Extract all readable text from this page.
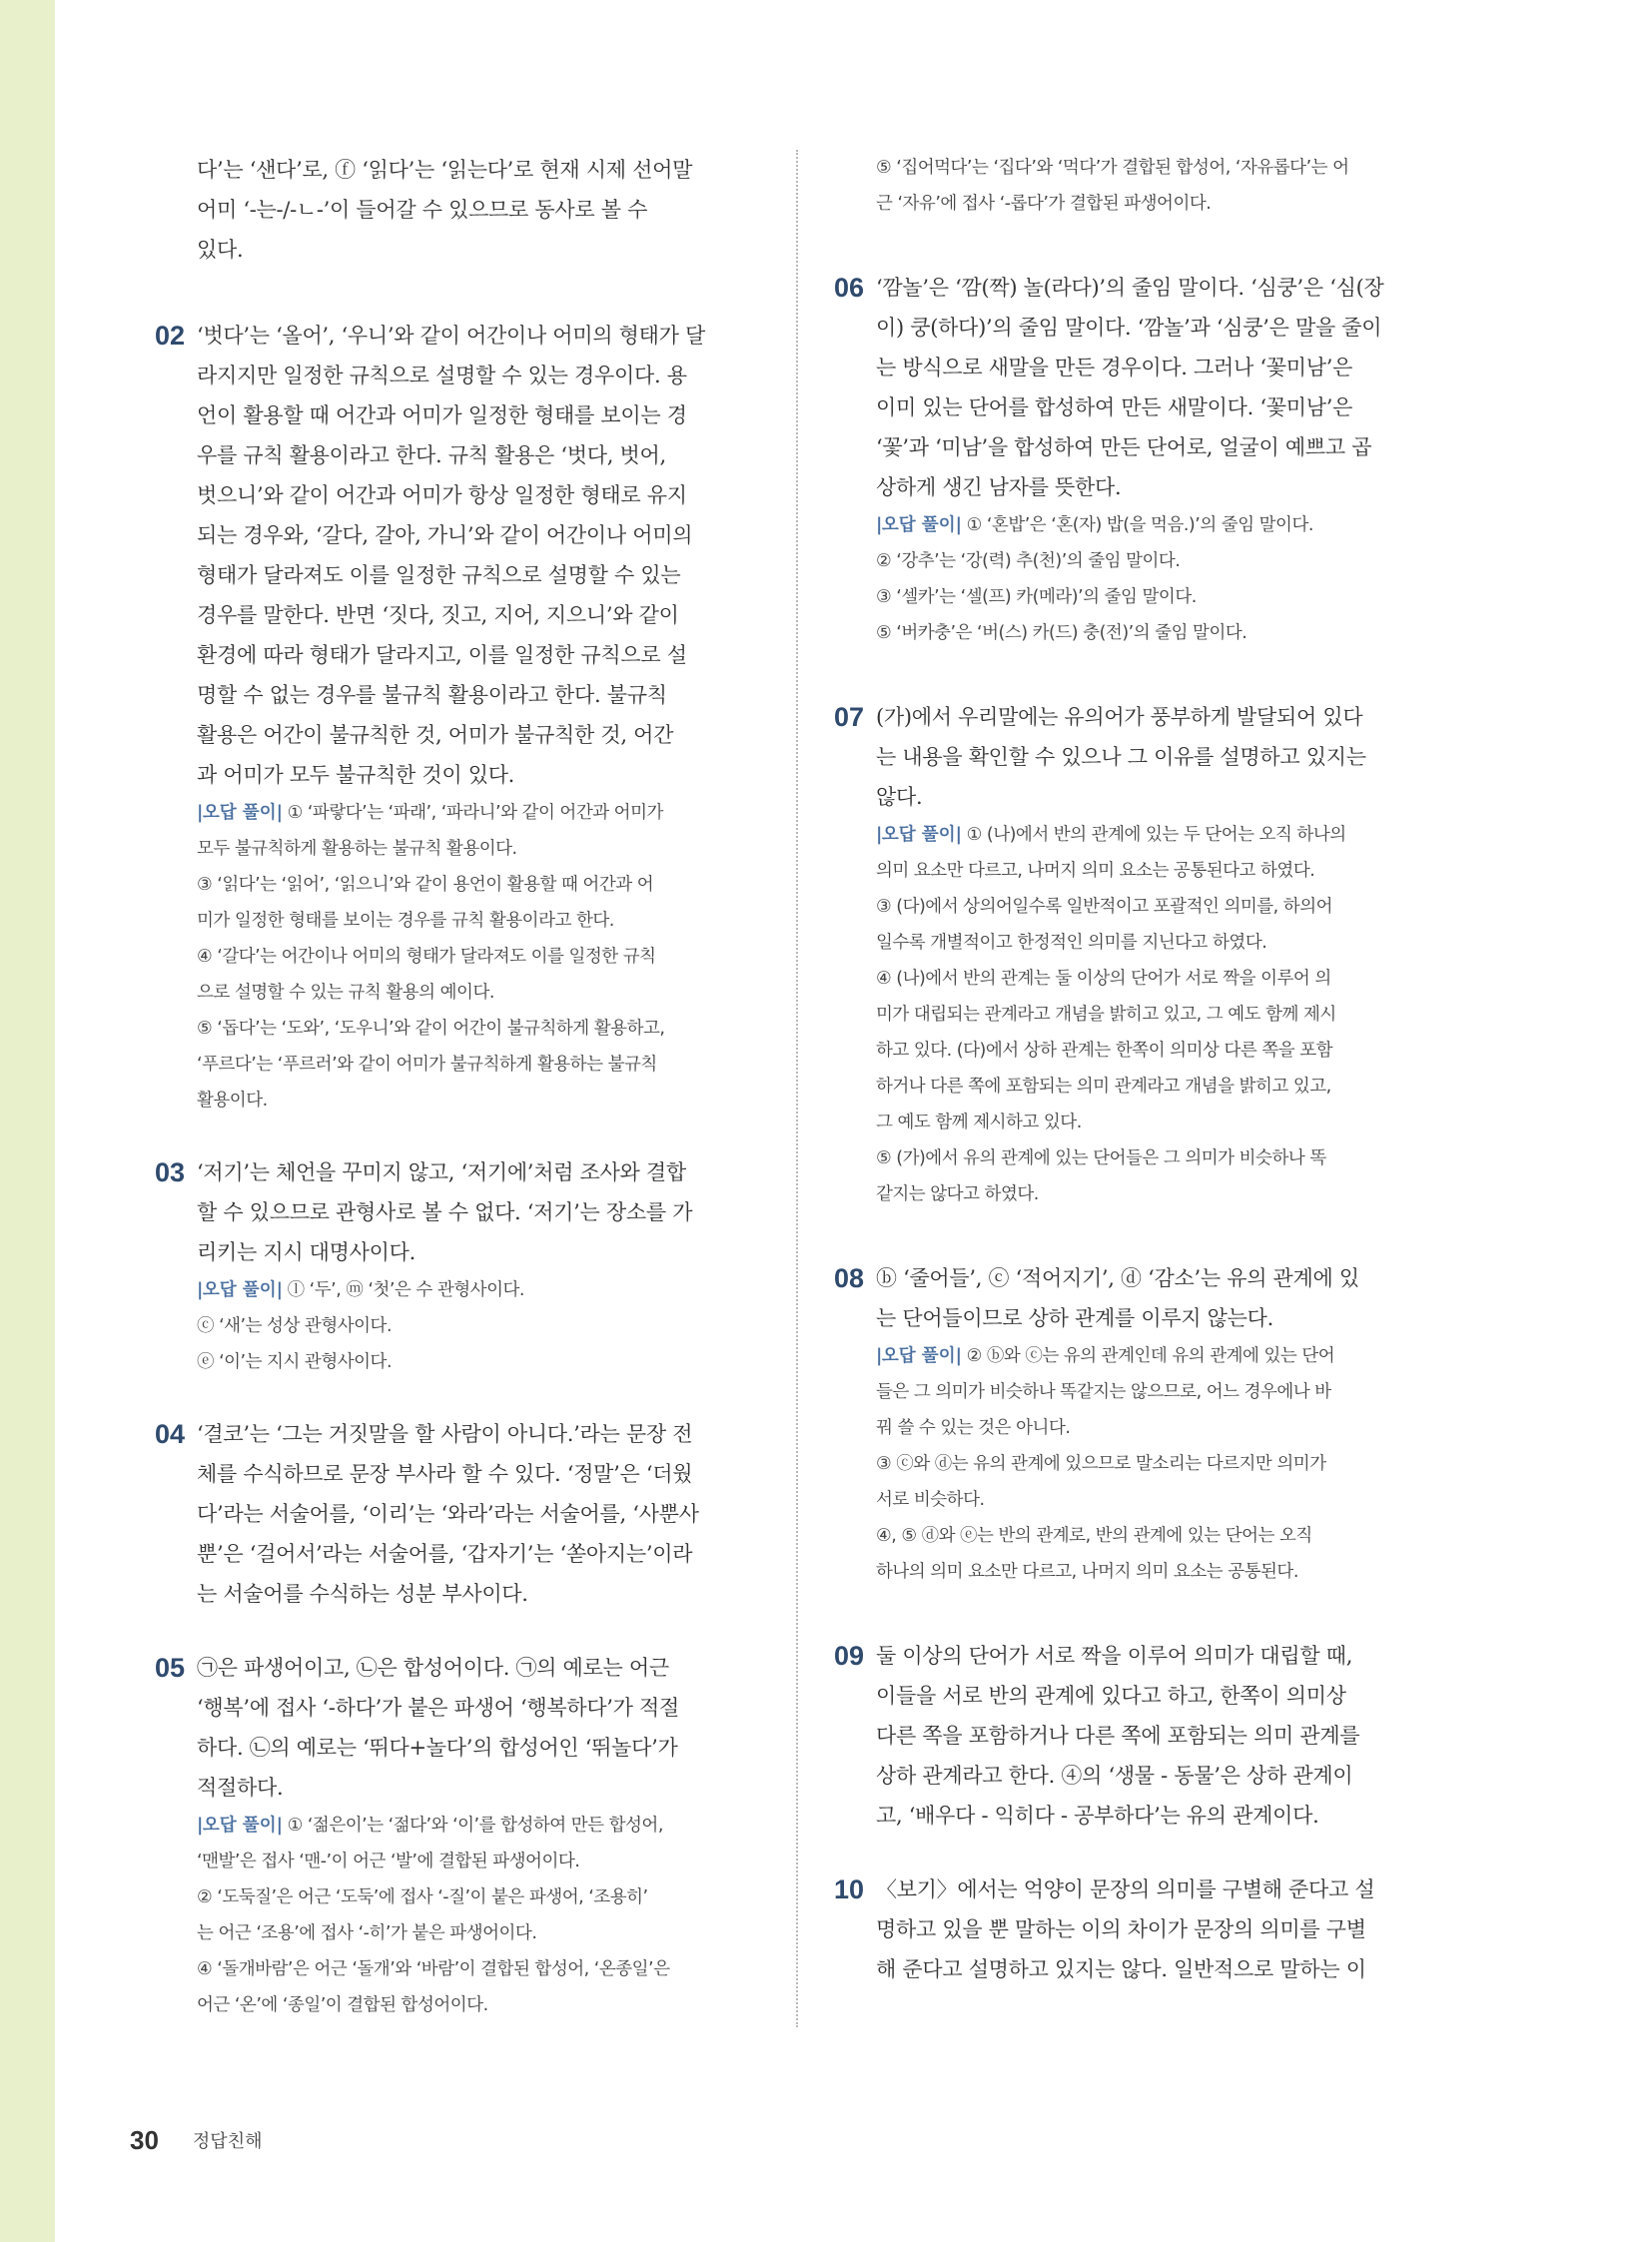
다’는 ‘샌다’로, ⓕ ‘읽다’는 ‘읽는다’로 현재 시제 선어말
어미 ‘-는-/-ㄴ-’이 들어갈 수 있으므로 동사로 볼 수
있다.
02 ‘벗다’는 ‘올어’, ‘우니’와 같이 어간이나 어미의 형태가 달
라지지만 일정한 규칙으로 설명할 수 있는 경우이다. 용
언이 활용할 때 어간과 어미가 일정한 형태를 보이는 경
우를 규칙 활용이라고 한다. 규칙 활용은 ‘벗다, 벗어,
벗으니’와 같이 어간과 어미가 항상 일정한 형태로 유지
되는 경우와, ‘갈다, 갈아, 가니’와 같이 어간이나 어미의
형태가 달라져도 이를 일정한 규칙으로 설명할 수 있는
경우를 말한다. 반면 ‘짓다, 짓고, 지어, 지으니’와 같이
환경에 따라 형태가 달라지고, 이를 일정한 규칙으로 설
명할 수 없는 경우를 불규칙 활용이라고 한다. 불규칙
활용은 어간이 불규칙한 것, 어미가 불규칙한 것, 어간
과 어미가 모두 불규칙한 것이 있다.

|오답 풀이| ① ‘파랗다’는 ‘파래’, ‘파라니’와 같이 어간과 어미가

모두 불규칙하게 활용하는 불규칙 활용이다.

③ ‘읽다’는 ‘읽어’, ‘읽으니’와 같이 용언이 활용할 때 어간과 어

미가 일정한 형태를 보이는 경우를 규칙 활용이라고 한다.

④ ‘갈다’는 어간이나 어미의 형태가 달라져도 이를 일정한 규칙

으로 설명할 수 있는 규칙 활용의 예이다.

⑤ ‘돕다’는 ‘도와’, ‘도우니’와 같이 어간이 불규칙하게 활용하고,

‘푸르다’는 ‘푸르러’와 같이 어미가 불규칙하게 활용하는 불규칙

활용이다.

03 ‘저기’는 체언을 꾸미지 않고, ‘저기에’처럼 조사와 결합
할 수 있으므로 관형사로 볼 수 없다. ‘저기’는 장소를 가
리키는 지시 대명사이다.

|오답 풀이| ⓛ ‘두’, ⓜ ‘첫’은 수 관형사이다.

ⓒ ‘새’는 성상 관형사이다.

ⓔ ‘이’는 지시 관형사이다.

04 ‘결코’는 ‘그는 거짓말을 할 사람이 아니다.’라는 문장 전
체를 수식하므로 문장 부사라 할 수 있다. ‘정말’은 ‘더웠
다’라는 서술어를, ‘이리’는 ‘와라’라는 서술어를, ‘사뿐사
뿐’은 ‘걸어서’라는 서술어를, ‘갑자기’는 ‘쏟아지는’이라
는 서술어를 수식하는 성분 부사이다.
05 ㉠은 파생어이고, ㉡은 합성어이다. ㉠의 예로는 어근
‘행복’에 접사 ‘-하다’가 붙은 파생어 ‘행복하다’가 적절
하다. ㉡의 예로는 ‘뛰다+놀다’의 합성어인 ‘뛰놀다’가
적절하다.

|오답 풀이| ① ‘젊은이’는 ‘젊다’와 ‘이’를 합성하여 만든 합성어,

‘맨발’은 접사 ‘맨-’이 어근 ‘발’에 결합된 파생어이다.

② ‘도둑질’은 어근 ‘도둑’에 접사 ‘-질’이 붙은 파생어, ‘조용히’

는 어근 ‘조용’에 접사 ‘-히’가 붙은 파생어이다.

④ ‘돌개바람’은 어근 ‘돌개’와 ‘바람’이 결합된 합성어, ‘온종일’은

어근 ‘온’에 ‘종일’이 결합된 합성어이다.

⑤ ‘집어먹다’는 ‘집다’와 ‘먹다’가 결합된 합성어, ‘자유롭다’는 어

근 ‘자유’에 접사 ‘-롭다’가 결합된 파생어이다.

06 ‘깜놀’은 ‘깜(짝) 놀(라다)’의 줄임 말이다. ‘심쿵’은 ‘심(장
이) 쿵(하다)’의 줄임 말이다. ‘깜놀’과 ‘심쿵’은 말을 줄이
는 방식으로 새말을 만든 경우이다. 그러나 ‘꽃미남’은
이미 있는 단어를 합성하여 만든 새말이다. ‘꽃미남’은
‘꽃’과 ‘미남’을 합성하여 만든 단어로, 얼굴이 예쁘고 곱
상하게 생긴 남자를 뜻한다.

|오답 풀이| ① ‘혼밥’은 ‘혼(자) 밥(을 먹음.)’의 줄임 말이다.

② ‘강추’는 ‘강(력) 추(천)’의 줄임 말이다.

③ ‘셀카’는 ‘셀(프) 카(메라)’의 줄임 말이다.

⑤ ‘버카충’은 ‘버(스) 카(드) 충(전)’의 줄임 말이다.

07 (가)에서 우리말에는 유의어가 풍부하게 발달되어 있다
는 내용을 확인할 수 있으나 그 이유를 설명하고 있지는
않다.

|오답 풀이| ① (나)에서 반의 관계에 있는 두 단어는 오직 하나의

의미 요소만 다르고, 나머지 의미 요소는 공통된다고 하였다.

③ (다)에서 상의어일수록 일반적이고 포괄적인 의미를, 하의어

일수록 개별적이고 한정적인 의미를 지닌다고 하였다.

④ (나)에서 반의 관계는 둘 이상의 단어가 서로 짝을 이루어 의

미가 대립되는 관계라고 개념을 밝히고 있고, 그 예도 함께 제시

하고 있다. (다)에서 상하 관계는 한쪽이 의미상 다른 쪽을 포함

하거나 다른 쪽에 포함되는 의미 관계라고 개념을 밝히고 있고,

그 예도 함께 제시하고 있다.

⑤ (가)에서 유의 관계에 있는 단어들은 그 의미가 비슷하나 똑

같지는 않다고 하였다.

08 ⓑ ‘줄어들’, ⓒ ‘적어지기’, ⓓ ‘감소’는 유의 관계에 있
는 단어들이므로 상하 관계를 이루지 않는다.

|오답 풀이| ② ⓑ와 ⓒ는 유의 관계인데 유의 관계에 있는 단어

들은 그 의미가 비슷하나 똑같지는 않으므로, 어느 경우에나 바

꿔 쓸 수 있는 것은 아니다.

③ ⓒ와 ⓓ는 유의 관계에 있으므로 말소리는 다르지만 의미가

서로 비슷하다.

④, ⑤ ⓓ와 ⓔ는 반의 관계로, 반의 관계에 있는 단어는 오직

하나의 의미 요소만 다르고, 나머지 의미 요소는 공통된다.

09 둘 이상의 단어가 서로 짝을 이루어 의미가 대립할 때,
이들을 서로 반의 관계에 있다고 하고, 한쪽이 의미상
다른 쪽을 포함하거나 다른 쪽에 포함되는 의미 관계를
상하 관계라고 한다. ④의 ‘생물 - 동물’은 상하 관계이
고, ‘배우다 - 익히다 - 공부하다’는 유의 관계이다.
10 〈보기〉에서는 억양이 문장의 의미를 구별해 준다고 설
명하고 있을 뿐 말하는 이의 차이가 문장의 의미를 구별
해 준다고 설명하고 있지는 않다. 일반적으로 말하는 이
30 정답친해
